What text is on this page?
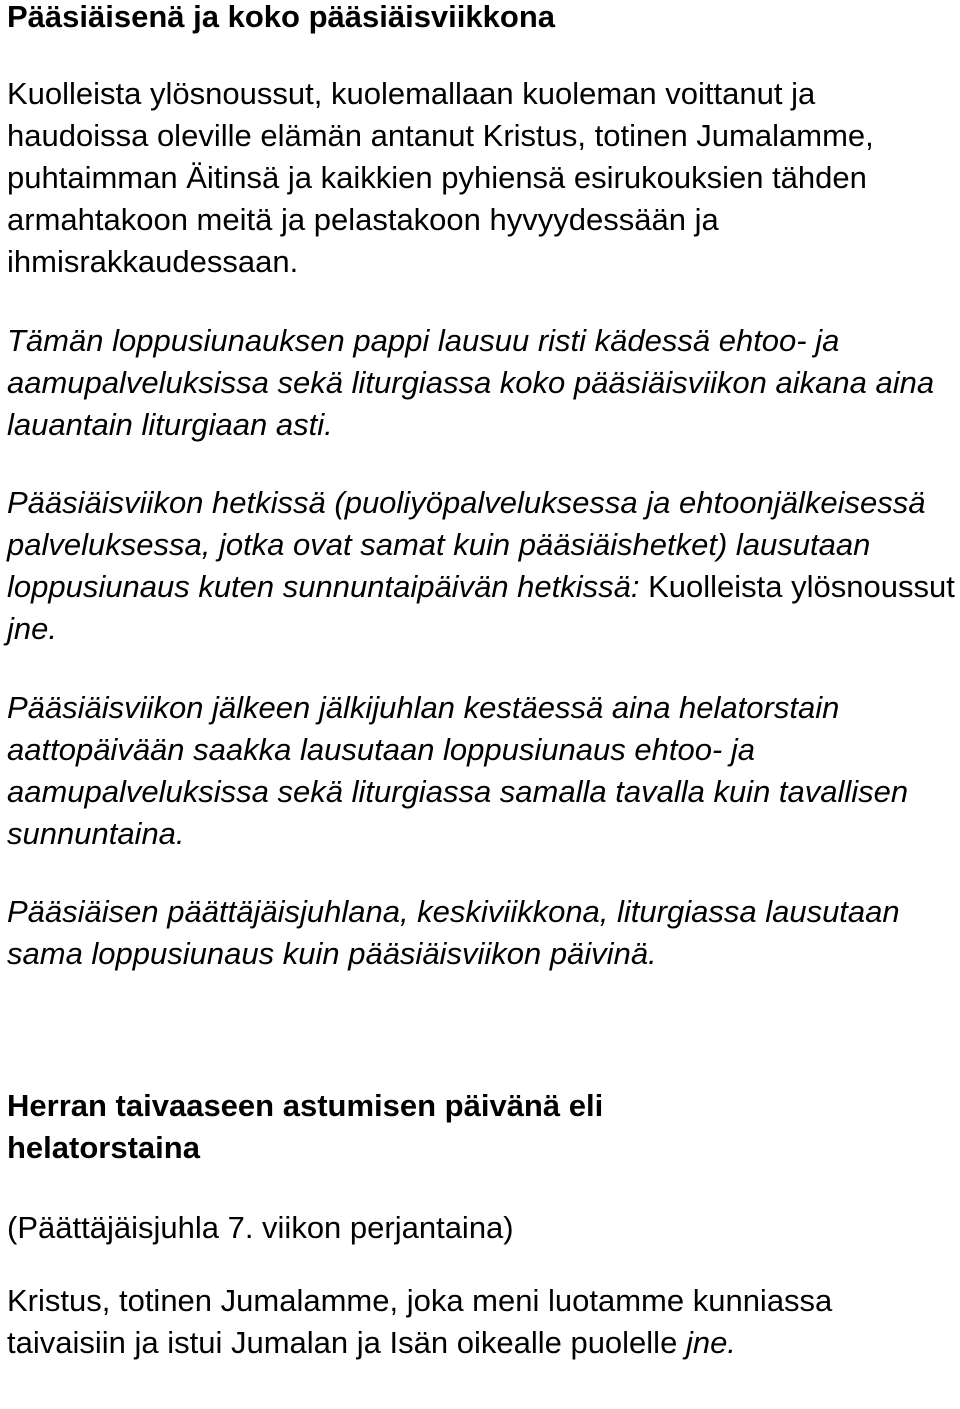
Pääsiäisenä ja koko pääsiäisviikkona

Kuolleista ylösnoussut, kuolemallaan kuoleman voittanut ja haudoissa oleville elämän antanut Kristus, totinen Jumalamme, puhtaimman Äitinsä ja kaikkien pyhiensä esirukouksien tähden armahtakoon meitä ja pelastakoon hyvyydessään ja ihmisrakkaudessaan.

Tämän loppusiunauksen pappi lausuu risti kädessä ehtoo- ja aamupalveluksissa sekä liturgiassa koko pääsiäisviikon aikana aina lauantain liturgiaan asti.

Pääsiäisviikon hetkissä (puoliyöpalveluksessa ja ehtoonjälkeisessä palveluksessa, jotka ovat samat kuin pääsiäishetket) lausutaan loppusiunaus kuten sunnuntaipäivän hetkissä: Kuolleista ylösnoussut jne.

Pääsiäisviikon jälkeen jälkijuhlan kestäessä aina helatorstain aattopäivään saakka lausutaan loppusiunaus ehtoo- ja aamupalveluksissa sekä liturgiassa samalla tavalla kuin tavallisen sunnuntaina.

Pääsiäisen päättäjäisjuhlana, keskiviikkona, liturgiassa lausutaan sama loppusiunaus kuin pääsiäisviikon päivinä.

Herran taivaaseen astumisen päivänä eli helatorstaina

(Päättäjäisjuhla 7. viikon perjantaina)

Kristus, totinen Jumalamme, joka meni luotamme kunniassa taivaisiin ja istui Jumalan ja Isän oikealle puolelle jne.
